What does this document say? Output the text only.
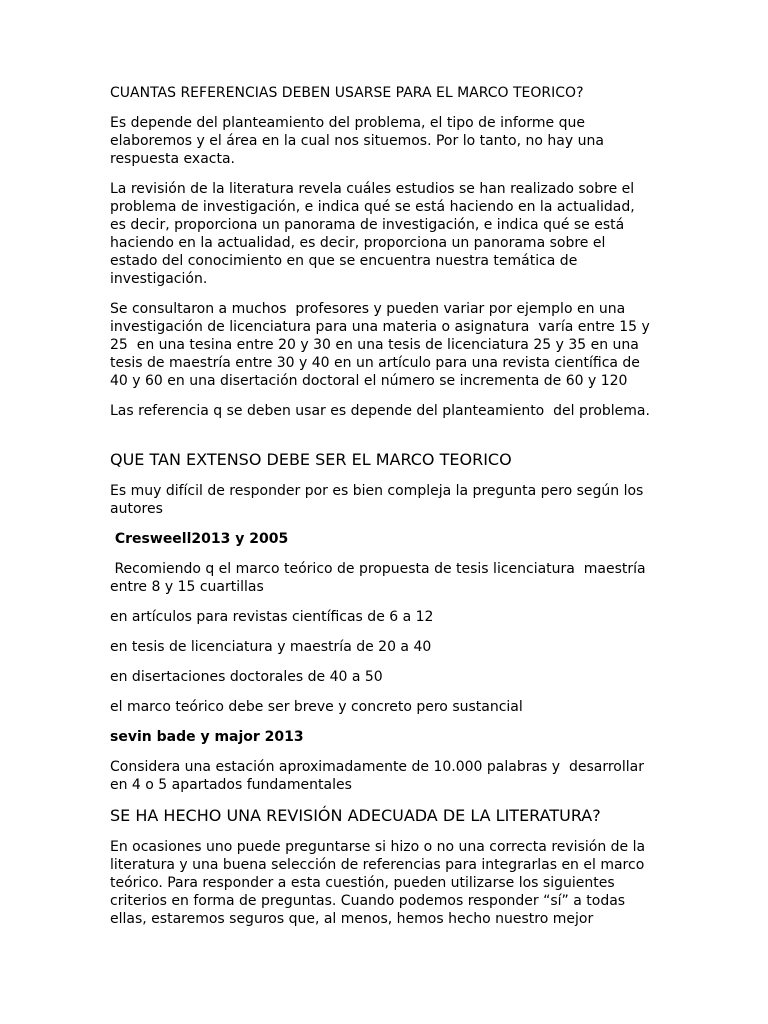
CUANTAS REFERENCIAS DEBEN USARSE PARA EL MARCO TEORICO?
Es depende del planteamiento del problema, el tipo de informe que
elaboremos y el área en la cual nos situemos. Por lo tanto, no hay una
respuesta exacta.
La revisión de la literatura revela cuáles estudios se han realizado sobre el
problema de investigación, e indica qué se está haciendo en la actualidad,
es decir, proporciona un panorama de investigación, e indica qué se está
haciendo en la actualidad, es decir, proporciona un panorama sobre el
estado del conocimiento en que se encuentra nuestra temática de
investigación.
Se consultaron a muchos  profesores y pueden variar por ejemplo en una
investigación de licenciatura para una materia o asignatura  varía entre 15 y
25  en una tesina entre 20 y 30 en una tesis de licenciatura 25 y 35 en una
tesis de maestría entre 30 y 40 en un artículo para una revista científica de
40 y 60 en una disertación doctoral el número se incrementa de 60 y 120
Las referencia q se deben usar es depende del planteamiento  del problema.
QUE TAN EXTENSO DEBE SER EL MARCO TEORICO
Es muy difícil de responder por es bien compleja la pregunta pero según los
autores
Cresweell2013 y 2005
Recomiendo q el marco teórico de propuesta de tesis licenciatura  maestría
entre 8 y 15 cuartillas
en artículos para revistas científicas de 6 a 12
en tesis de licenciatura y maestría de 20 a 40
en disertaciones doctorales de 40 a 50
el marco teórico debe ser breve y concreto pero sustancial
sevin bade y major 2013
Considera una estación aproximadamente de 10.000 palabras y  desarrollar
en 4 o 5 apartados fundamentales
SE HA HECHO UNA REVISIÓN ADECUADA DE LA LITERATURA?
En ocasiones uno puede preguntarse si hizo o no una correcta revisión de la
literatura y una buena selección de referencias para integrarlas en el marco
teórico. Para responder a esta cuestión, pueden utilizarse los siguientes
criterios en forma de preguntas. Cuando podemos responder “sí” a todas
ellas, estaremos seguros que, al menos, hemos hecho nuestro mejor
